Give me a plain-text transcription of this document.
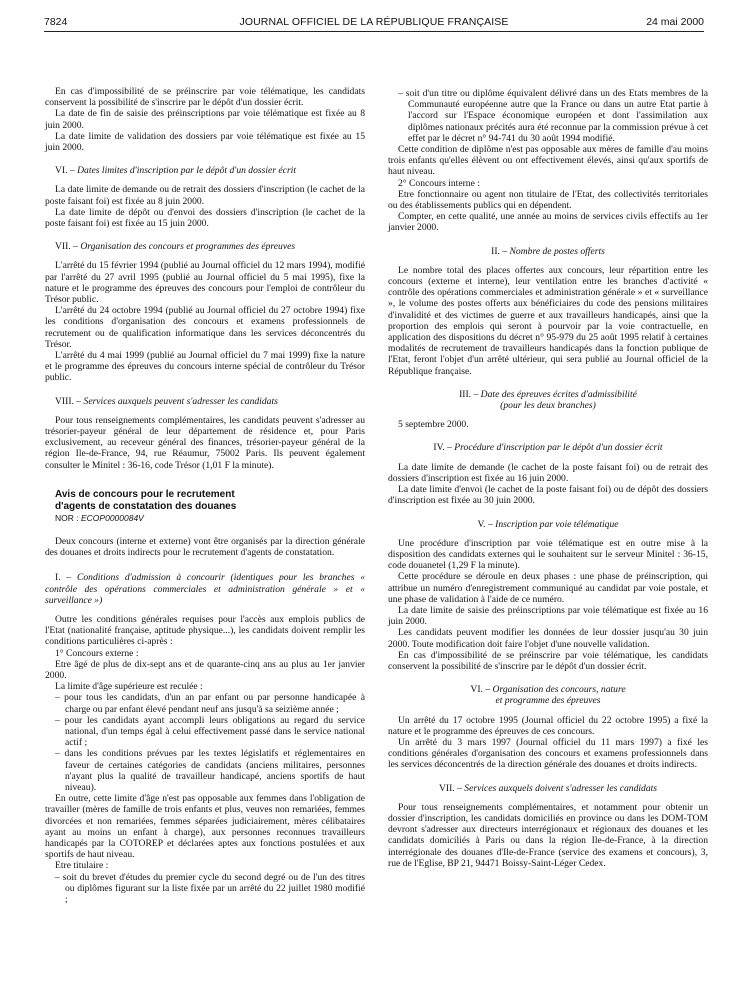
7824	JOURNAL OFFICIEL DE LA RÉPUBLIQUE FRANÇAISE	24 mai 2000

En cas d'impossibilité de se préinscrire par voie télématique, les candidats conservent la possibilité de s'inscrire par le dépôt d'un dossier écrit.

La date de fin de saisie des préinscriptions par voie télématique est fixée au 8 juin 2000.

La date limite de validation des dossiers par voie télématique est fixée au 15 juin 2000.

VI. – Dates limites d'inscription par le dépôt d'un dossier écrit

La date limite de demande ou de retrait des dossiers d'inscription (le cachet de la poste faisant foi) est fixée au 8 juin 2000.

La date limite de dépôt ou d'envoi des dossiers d'inscription (le cachet de la poste faisant foi) est fixée au 15 juin 2000.

VII. – Organisation des concours et programmes des épreuves

L'arrêté du 15 février 1994 (publié au Journal officiel du 12 mars 1994), modifié par l'arrêté du 27 avril 1995 (publié au Journal officiel du 5 mai 1995), fixe la nature et le programme des épreuves des concours pour l'emploi de contrôleur du Trésor public.

L'arrêté du 24 octobre 1994 (publié au Journal officiel du 27 octobre 1994) fixe les conditions d'organisation des concours et examens professionnels de recrutement ou de qualification informatique dans les services déconcentrés du Trésor.

L'arrêté du 4 mai 1999 (publié au Journal officiel du 7 mai 1999) fixe la nature et le programme des épreuves du concours interne spécial de contrôleur du Trésor public.

VIII. – Services auxquels peuvent s'adresser les candidats

Pour tous renseignements complémentaires, les candidats peuvent s'adresser au trésorier-payeur général de leur département de résidence et, pour Paris exclusivement, au receveur général des finances, trésorier-payeur général de la région Ile-de-France, 94, rue Réaumur, 75002 Paris. Ils peuvent également consulter le Minitel : 36-16, code Trésor (1,01 F la minute).

Avis de concours pour le recrutement

d'agents de constatation des douanes

NOR : ECOP0000084V

Deux concours (interne et externe) vont être organisés par la direction générale des douanes et droits indirects pour le recrutement d'agents de constatation.

I. – Conditions d'admission à concourir (identiques pour les branches « contrôle des opérations commerciales et administration générale » et « surveillance »)

Outre les conditions générales requises pour l'accès aux emplois publics de l'Etat (nationalité française, aptitude physique...), les candidats doivent remplir les conditions particulières ci-après :

1° Concours externe :

Etre âgé de plus de dix-sept ans et de quarante-cinq ans au plus au 1er janvier 2000.

La limite d'âge supérieure est reculée :

– pour tous les candidats, d'un an par enfant ou par personne handicapée à charge ou par enfant élevé pendant neuf ans jusqu'à sa seizième année ;

– pour les candidats ayant accompli leurs obligations au regard du service national, d'un temps égal à celui effectivement passé dans le service national actif ;

– dans les conditions prévues par les textes législatifs et réglementaires en faveur de certaines catégories de candidats (anciens militaires, personnes n'ayant plus la qualité de travailleur handicapé, anciens sportifs de haut niveau).

En outre, cette limite d'âge n'est pas opposable aux femmes dans l'obligation de travailler (mères de famille de trois enfants et plus, veuves non remariées, femmes divorcées et non remariées, femmes séparées judiciairement, mères célibataires ayant au moins un enfant à charge), aux personnes reconnues travailleurs handicapés par la COTOREP et déclarées aptes aux fonctions postulées et aux sportifs de haut niveau.

Etre titulaire :

– soit du brevet d'études du premier cycle du second degré ou de l'un des titres ou diplômes figurant sur la liste fixée par un arrêté du 22 juillet 1980 modifié ;

– soit d'un titre ou diplôme équivalent délivré dans un des Etats membres de la Communauté européenne autre que la France ou dans un autre Etat partie à l'accord sur l'Espace économique européen et dont l'assimilation aux diplômes nationaux précités aura été reconnue par la commission prévue à cet effet par le décret n° 94-741 du 30 août 1994 modifié.

Cette condition de diplôme n'est pas opposable aux mères de famille d'au moins trois enfants qu'elles élèvent ou ont effectivement élevés, ainsi qu'aux sportifs de haut niveau.

2° Concours interne :

Etre fonctionnaire ou agent non titulaire de l'Etat, des collectivités territoriales ou des établissements publics qui en dépendent.

Compter, en cette qualité, une année au moins de services civils effectifs au 1er janvier 2000.

II. – Nombre de postes offerts

Le nombre total des places offertes aux concours, leur répartition entre les concours (externe et interne), leur ventilation entre les branches d'activité « contrôle des opérations commerciales et administration générale » et « surveillance », le volume des postes offerts aux bénéficiaires du code des pensions militaires d'invalidité et des victimes de guerre et aux travailleurs handicapés, ainsi que la proportion des emplois qui seront à pourvoir par la voie contractuelle, en application des dispositions du décret n° 95-979 du 25 août 1995 relatif à certaines modalités de recrutement de travailleurs handicapés dans la fonction publique de l'Etat, feront l'objet d'un arrêté ultérieur, qui sera publié au Journal officiel de la République française.

III. – Date des épreuves écrites d'admissibilité
(pour les deux branches)

5 septembre 2000.

IV. – Procédure d'inscription par le dépôt d'un dossier écrit

La date limite de demande (le cachet de la poste faisant foi) ou de retrait des dossiers d'inscription est fixée au 16 juin 2000.

La date limite d'envoi (le cachet de la poste faisant foi) ou de dépôt des dossiers d'inscription est fixée au 30 juin 2000.

V. – Inscription par voie télématique

Une procédure d'inscription par voie télématique est en outre mise à la disposition des candidats externes qui le souhaitent sur le serveur Minitel : 36-15, code douanetel (1,29 F la minute).

Cette procédure se déroule en deux phases : une phase de préinscription, qui attribue un numéro d'enregistrement communiqué au candidat par voie postale, et une phase de validation à l'aide de ce numéro.

La date limite de saisie des préinscriptions par voie télématique est fixée au 16 juin 2000.

Les candidats peuvent modifier les données de leur dossier jusqu'au 30 juin 2000. Toute modification doit faire l'objet d'une nouvelle validation.

En cas d'impossibilité de se préinscrire par voie télématique, les candidats conservent la possibilité de s'inscrire par le dépôt d'un dossier écrit.

VI. – Organisation des concours, nature
et programme des épreuves

Un arrêté du 17 octobre 1995 (Journal officiel du 22 octobre 1995) a fixé la nature et le programme des épreuves de ces concours.

Un arrêté du 3 mars 1997 (Journal officiel du 11 mars 1997) a fixé les conditions générales d'organisation des concours et examens professionnels dans les services déconcentrés de la direction générale des douanes et droits indirects.

VII. – Services auxquels doivent s'adresser les candidats

Pour tous renseignements complémentaires, et notamment pour obtenir un dossier d'inscription, les candidats domiciliés en province ou dans les DOM-TOM devront s'adresser aux directeurs interrégionaux et régionaux des douanes et les candidats domiciliés à Paris ou dans la région Ile-de-France, à la direction interrégionale des douanes d'Ile-de-France (service des examens et concours), 3, rue de l'Eglise, BP 21, 94471 Boissy-Saint-Léger Cedex.
